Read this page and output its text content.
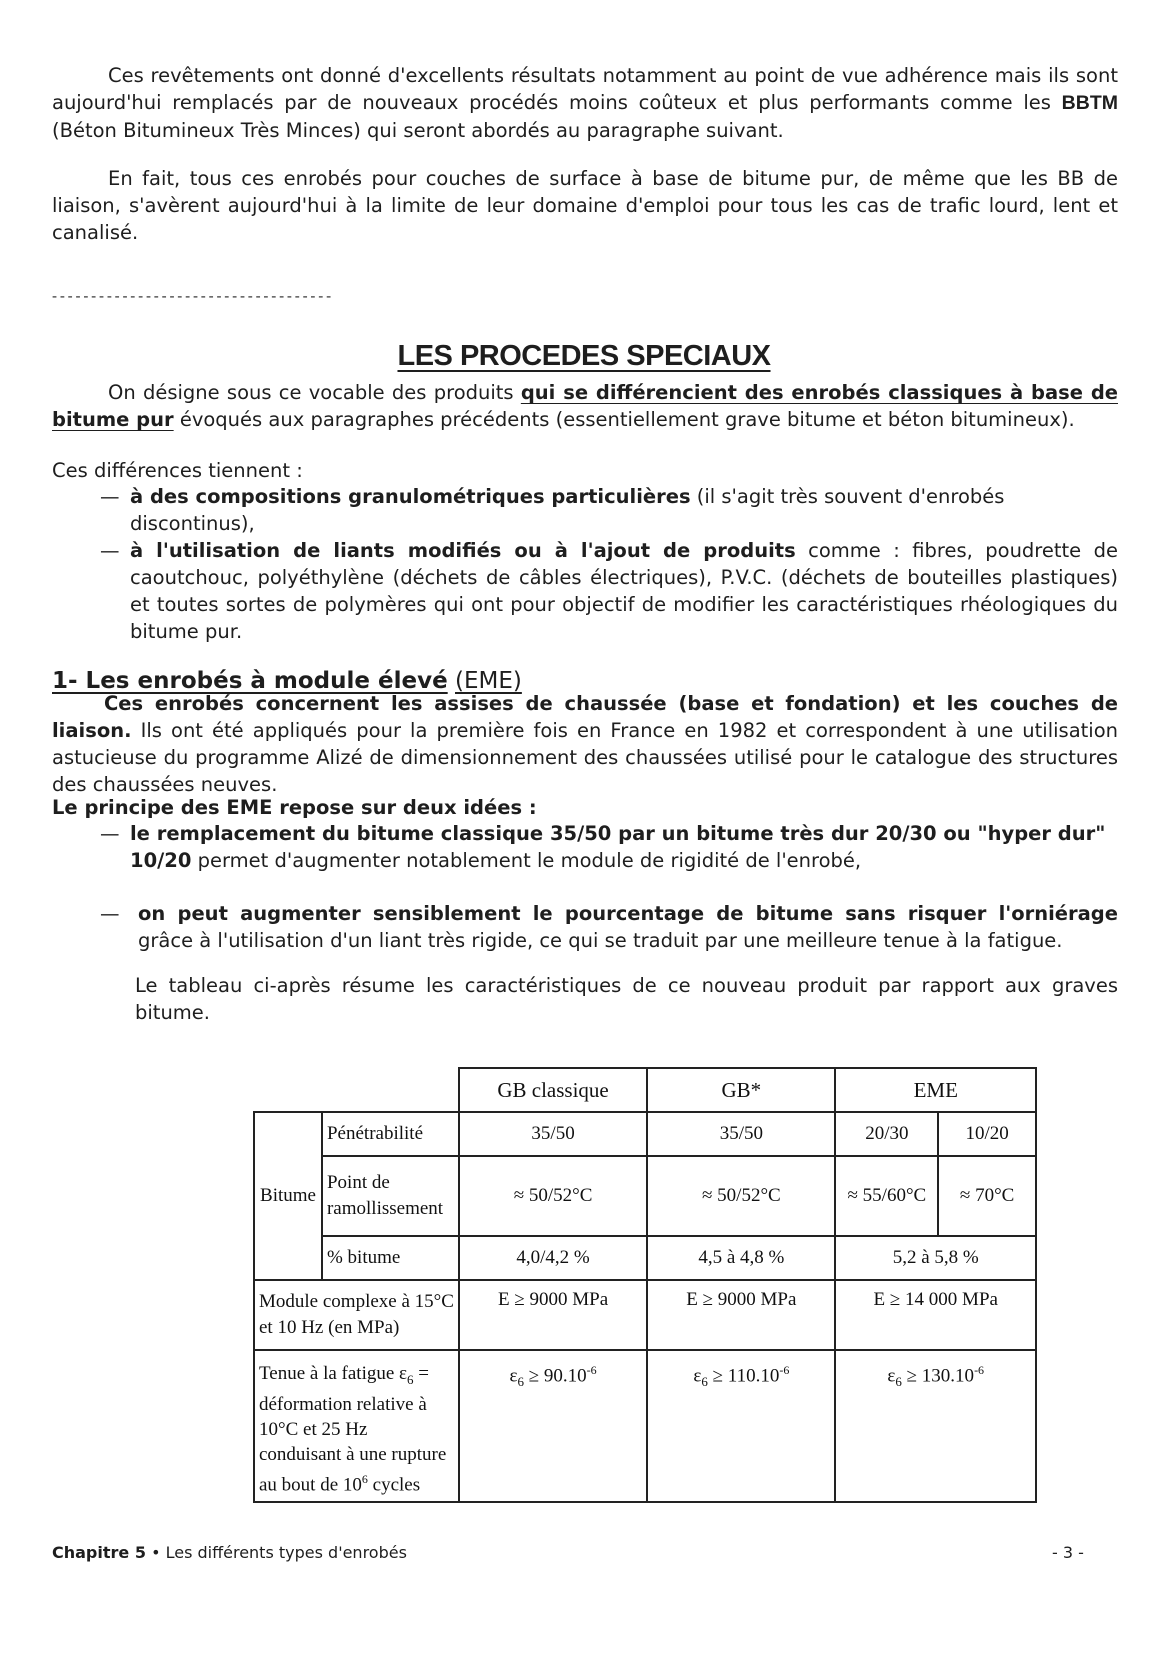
Ces revêtements ont donné d'excellents résultats notamment au point de vue adhérence mais ils sont aujourd'hui remplacés par de nouveaux procédés moins coûteux et plus performants comme les BBTM (Béton Bitumineux Très Minces) qui seront abordés au paragraphe suivant.
En fait, tous ces enrobés pour couches de surface à base de bitume pur, de même que les BB de liaison, s'avèrent aujourd'hui à la limite de leur domaine d'emploi pour tous les cas de trafic lourd, lent et canalisé.
------------------------------------
LES PROCEDES SPECIAUX
On désigne sous ce vocable des produits qui se différencient des enrobés classiques à base de bitume pur évoqués aux paragraphes précédents (essentiellement grave bitume et béton bitumineux).
Ces différences tiennent :
— à des compositions granulométriques particulières (il s'agit très souvent d'enrobés discontinus),
— à l'utilisation de liants modifiés ou à l'ajout de produits comme : fibres, poudrette de caoutchouc, polyéthylène (déchets de câbles électriques), P.V.C. (déchets de bouteilles plastiques) et toutes sortes de polymères qui ont pour objectif de modifier les caractéristiques rhéologiques du bitume pur.
1- Les enrobés à module élevé (EME)
Ces enrobés concernent les assises de chaussée (base et fondation) et les couches de liaison. Ils ont été appliqués pour la première fois en France en 1982 et correspondent à une utilisation astucieuse du programme Alizé de dimensionnement des chaussées utilisé pour le catalogue des structures des chaussées neuves.
Le principe des EME repose sur deux idées :
— le remplacement du bitume classique 35/50 par un bitume très dur 20/30 ou "hyper dur" 10/20 permet d'augmenter notablement le module de rigidité de l'enrobé,
— on peut augmenter sensiblement le pourcentage de bitume sans risquer l'orniérage grâce à l'utilisation d'un liant très rigide, ce qui se traduit par une meilleure tenue à la fatigue.
Le tableau ci-après résume les caractéristiques de ce nouveau produit par rapport aux graves bitume.
		GB classique	GB*	EME	
Bitume	Pénétrabilité	35/50	35/50	20/30	10/20
	Point de ramollissement	≈ 50/52°C	≈ 50/52°C	≈ 55/60°C	≈ 70°C
	% bitume	4,0/4,2 %	4,5 à 4,8 %	5,2 à 5,8 %	
Module complexe à 15°C et 10 Hz (en MPa)		E ≥ 9000 MPa	E ≥ 9000 MPa	E ≥ 14 000 MPa	
Tenue à la fatigue $\varepsilon_6$ = déformation relative à 10°C et 25 Hz conduisant à une rupture au bout de $10^6$ cycles		$\varepsilon_6 \ge 90.10^{-6}$	$\varepsilon_6 \ge 110.10^{-6}$	$\varepsilon_6 \ge 130.10^{-6}$
Chapitre 5 • Les différents types d'enrobés	- 3 -
